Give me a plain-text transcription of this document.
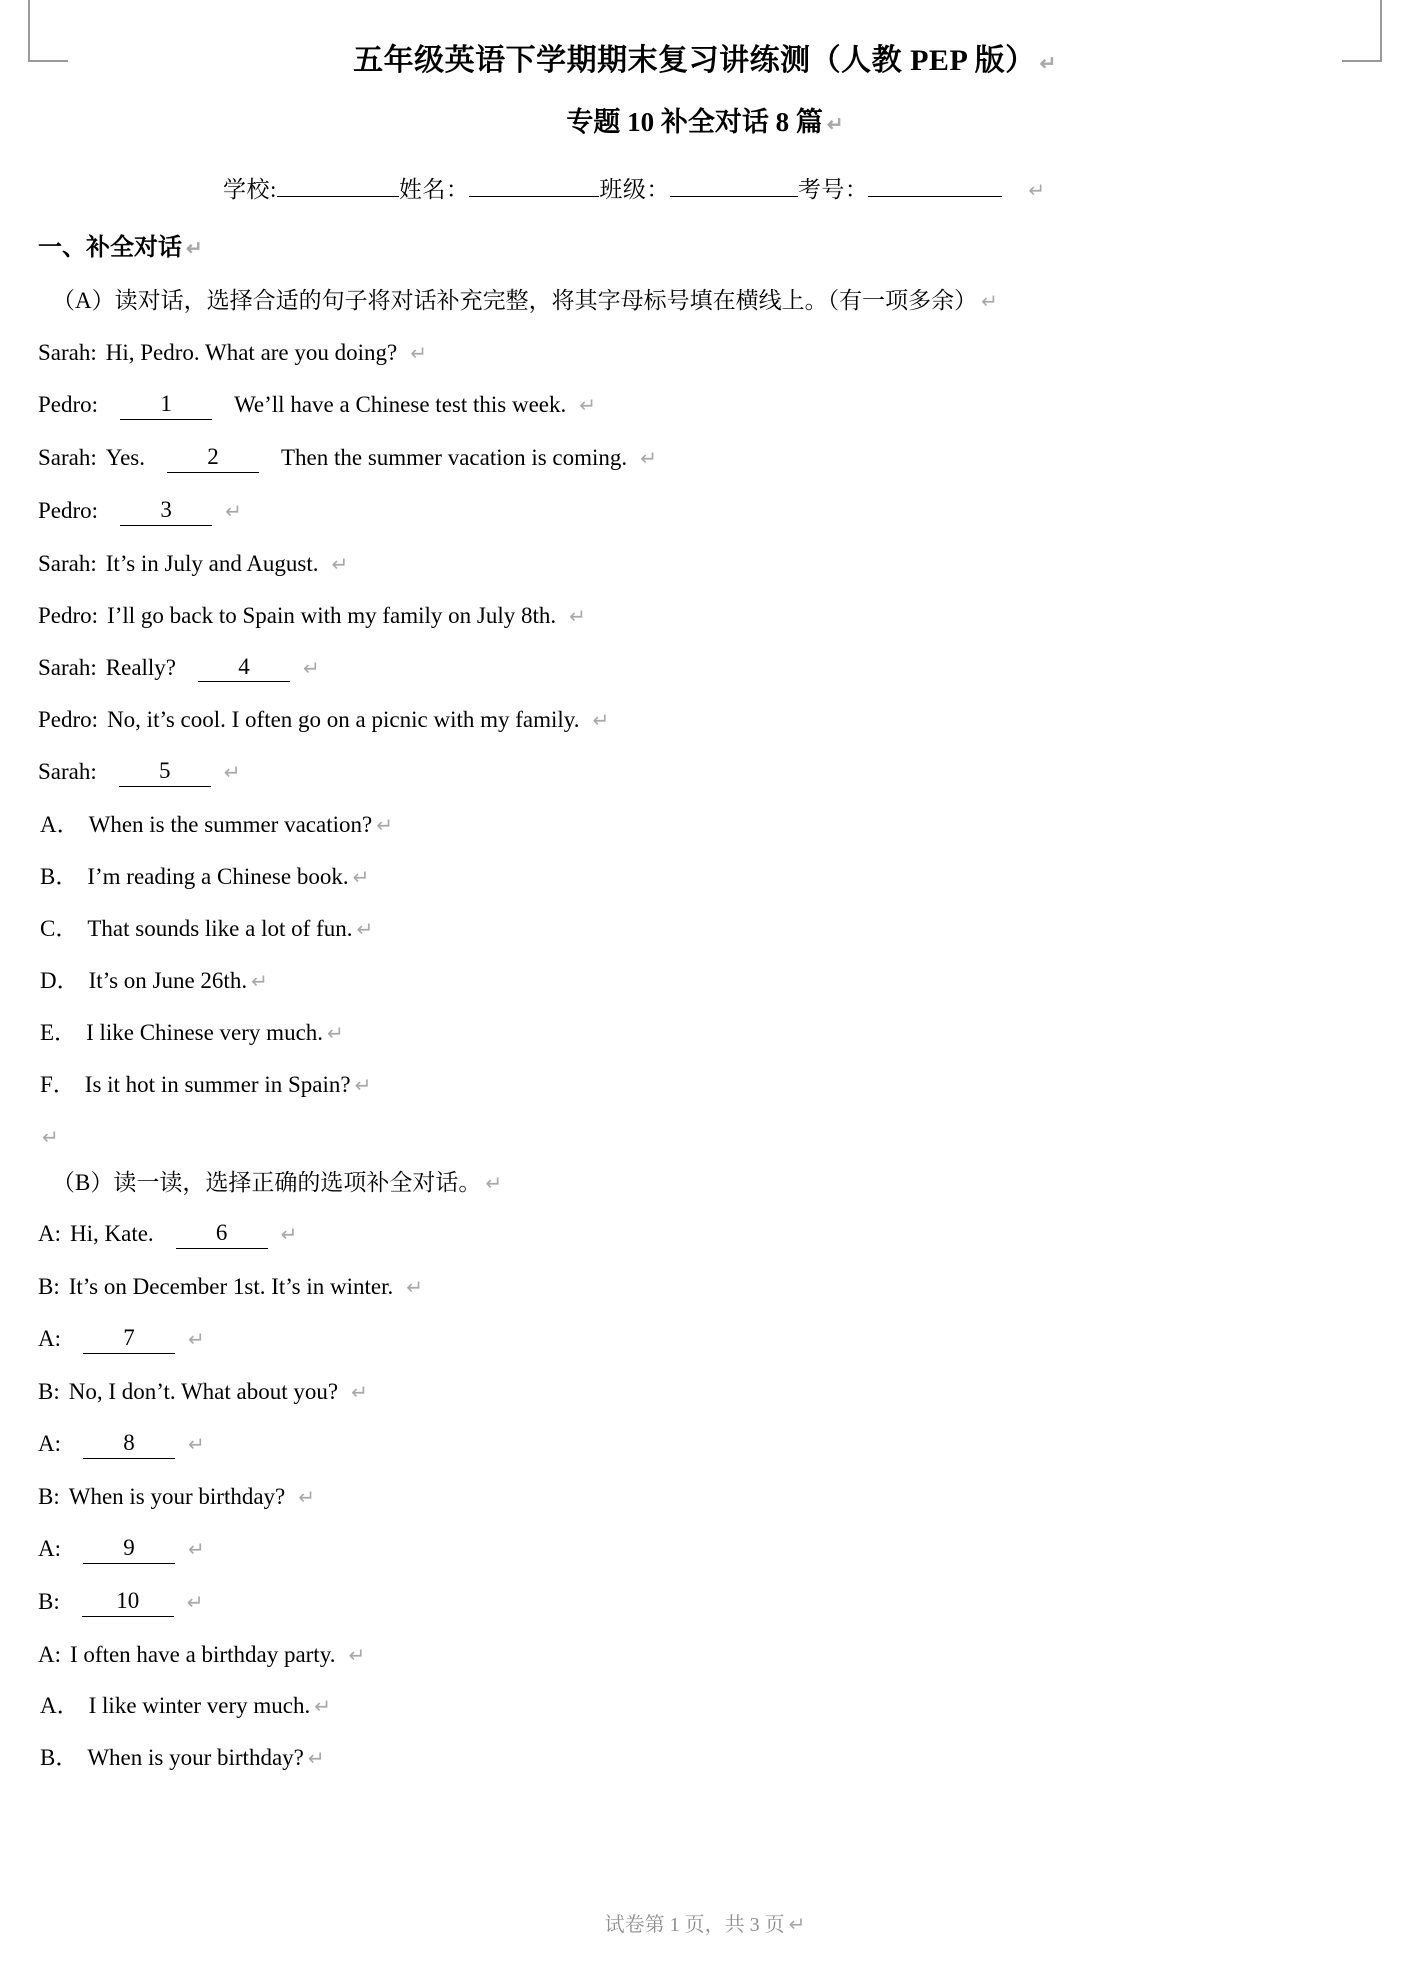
五年级英语下学期期末复习讲练测（人教 PEP 版） ↵
专题 10 补全对话 8 篇 ↵
学校:	姓名：	班级：	考号：	↵
一、补全对话 ↵
（A）读对话，选择合适的句子将对话补充完整，将其字母标号填在横线上。（有一项多余） ↵
Sarah: Hi, Pedro. What are you doing? ↵
Pedro:	1	We’ll have a Chinese test this week. ↵
Sarah: Yes.	2	Then the summer vacation is coming. ↵
Pedro:	3	↵
Sarah: It’s in July and August. ↵
Pedro: I’ll go back to Spain with my family on July 8th. ↵
Sarah: Really?	4	↵
Pedro: No, it’s cool. I often go on a picnic with my family. ↵
Sarah:	5	↵
A． When is the summer vacation? ↵
B． I’m reading a Chinese book. ↵
C． That sounds like a lot of fun. ↵
D． It’s on June 26th. ↵
E． I like Chinese very much. ↵
F． Is it hot in summer in Spain? ↵
↵
（B）读一读，选择正确的选项补全对话。 ↵
A: Hi, Kate.	6	↵
B: It’s on December 1st. It’s in winter. ↵
A:	7	↵
B: No, I don’t. What about you? ↵
A:	8	↵
B: When is your birthday? ↵
A:	9	↵
B: 10 ↵
A: I often have a birthday party. ↵
A． I like winter very much. ↵
B． When is your birthday? ↵
试卷第 1 页，共 3 页 ↵
